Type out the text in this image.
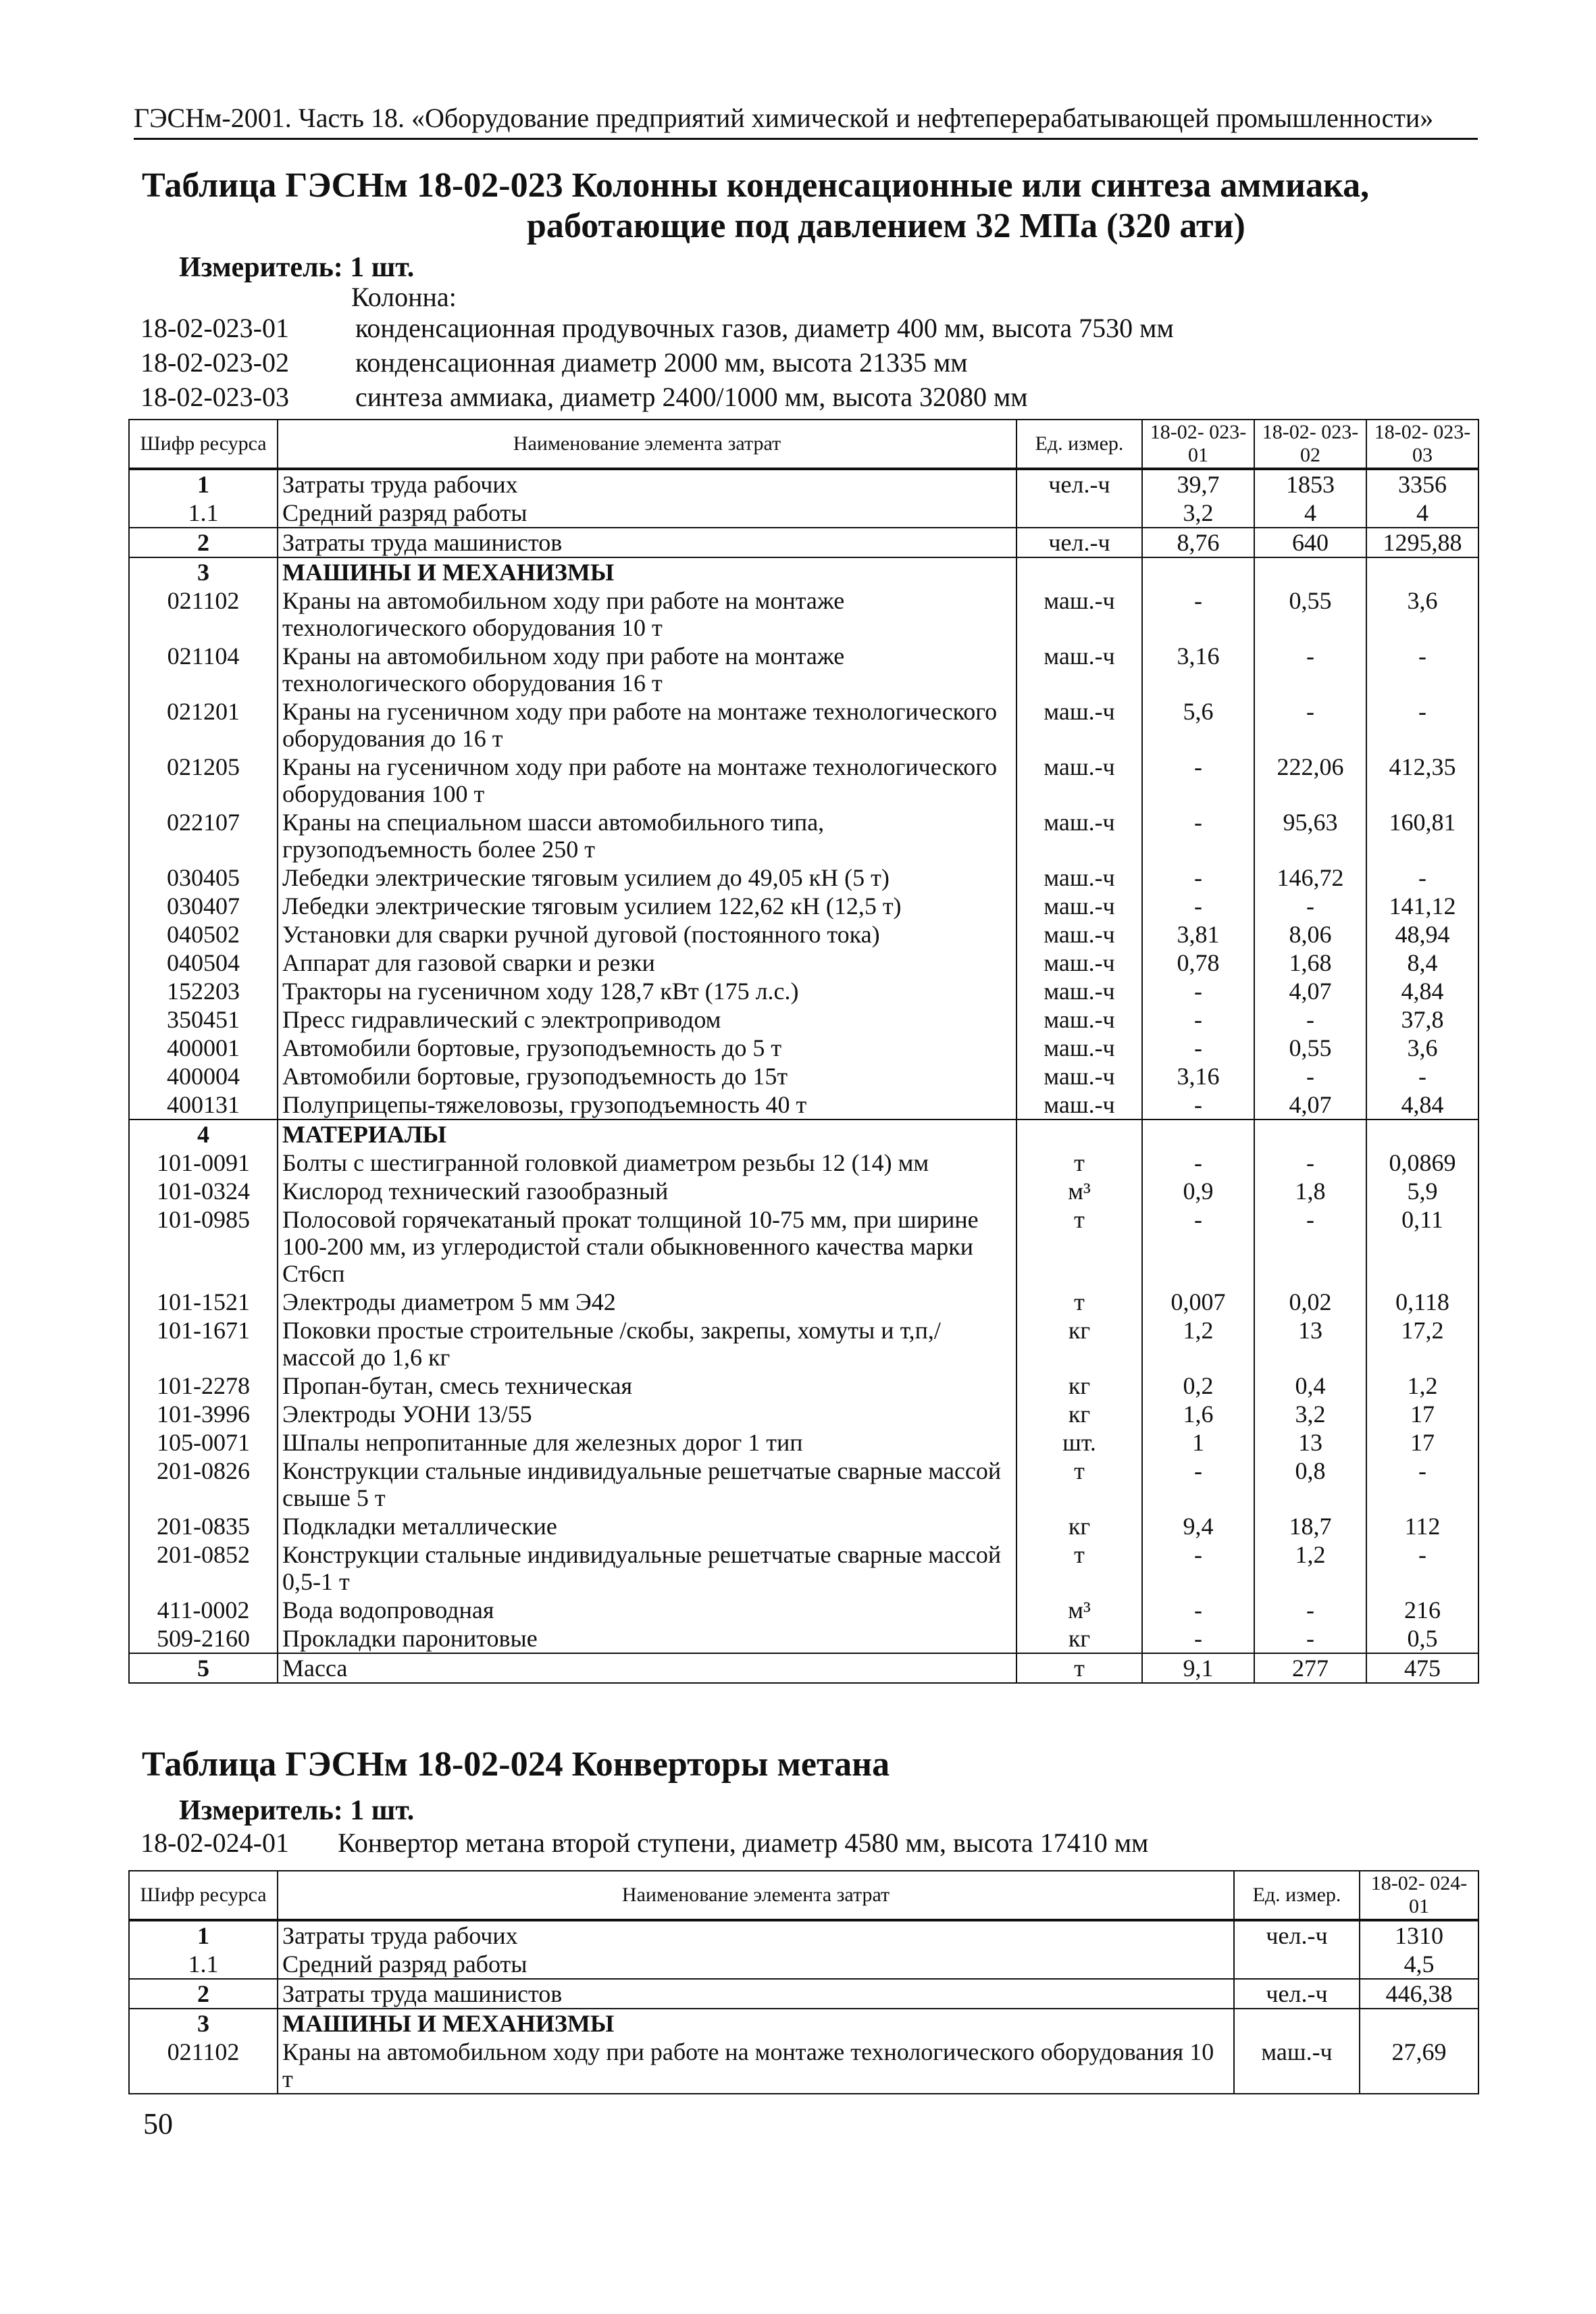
ГЭСНм-2001. Часть 18. «Оборудование предприятий химической и нефтеперерабатывающей промышленности»
Таблица ГЭСНм 18-02-023 Колонны конденсационные или синтеза аммиака,
работающие под давлением 32 МПа (320 ати)
Измеритель: 1 шт.
Колонна:
18-02-023-01	конденсационная продувочных газов, диаметр 400 мм, высота 7530 мм
18-02-023-02	конденсационная диаметр 2000 мм, высота 21335 мм
18-02-023-03	синтеза аммиака, диаметр 2400/1000 мм, высота 32080 мм
Шифр ресурса	Наименование элемента затрат	Ед. измер.	18-02- 023-01	18-02- 023-02	18-02- 023-03
1	Затраты труда рабочих	чел.-ч	39,7	1853	3356
1.1	Средний разряд работы		3,2	4	4
2	Затраты труда машинистов	чел.-ч	8,76	640	1295,88
3	МАШИНЫ И МЕХАНИЗМЫ				
021102	Краны на автомобильном ходу при работе на монтаже технологического оборудования 10 т	маш.-ч	-	0,55	3,6
021104	Краны на автомобильном ходу при работе на монтаже технологического оборудования 16 т	маш.-ч	3,16	-	-
021201	Краны на гусеничном ходу при работе на монтаже технологического оборудования до 16 т	маш.-ч	5,6	-	-
021205	Краны на гусеничном ходу при работе на монтаже технологического оборудования 100 т	маш.-ч	-	222,06	412,35
022107	Краны на специальном шасси автомобильного типа, грузоподъемность более 250 т	маш.-ч	-	95,63	160,81
030405	Лебедки электрические тяговым усилием до 49,05 кН (5 т)	маш.-ч	-	146,72	-
030407	Лебедки электрические тяговым усилием 122,62 кН (12,5 т)	маш.-ч	-	-	141,12
040502	Установки для сварки ручной дуговой (постоянного тока)	маш.-ч	3,81	8,06	48,94
040504	Аппарат для газовой сварки и резки	маш.-ч	0,78	1,68	8,4
152203	Тракторы на гусеничном ходу 128,7 кВт (175 л.с.)	маш.-ч	-	4,07	4,84
350451	Пресс гидравлический с электроприводом	маш.-ч	-	-	37,8
400001	Автомобили бортовые, грузоподъемность до 5 т	маш.-ч	-	0,55	3,6
400004	Автомобили бортовые, грузоподъемность до 15т	маш.-ч	3,16	-	-
400131	Полуприцепы-тяжеловозы, грузоподъемность 40 т	маш.-ч	-	4,07	4,84
4	МАТЕРИАЛЫ				
101-0091	Болты с шестигранной головкой диаметром резьбы 12 (14) мм	т	-	-	0,0869
101-0324	Кислород технический газообразный	м³	0,9	1,8	5,9
101-0985	Полосовой горячекатаный прокат толщиной 10-75 мм, при ширине 100-200 мм, из углеродистой стали обыкновенного качества марки Ст6сп	т	-	-	0,11
101-1521	Электроды диаметром 5 мм Э42	т	0,007	0,02	0,118
101-1671	Поковки простые строительные /скобы, закрепы, хомуты и т,п,/ массой до 1,6 кг	кг	1,2	13	17,2
101-2278	Пропан-бутан, смесь техническая	кг	0,2	0,4	1,2
101-3996	Электроды УОНИ 13/55	кг	1,6	3,2	17
105-0071	Шпалы непропитанные для железных дорог 1 тип	шт.	1	13	17
201-0826	Конструкции стальные индивидуальные решетчатые сварные массой свыше 5 т	т	-	0,8	-
201-0835	Подкладки металлические	кг	9,4	18,7	112
201-0852	Конструкции стальные индивидуальные решетчатые сварные массой 0,5-1 т	т	-	1,2	-
411-0002	Вода водопроводная	м³	-	-	216
509-2160	Прокладки паронитовые	кг	-	-	0,5
5	Масса	т	9,1	277	475
Таблица ГЭСНм 18-02-024 Конверторы метана
Измеритель: 1 шт.
18-02-024-01	Конвертор метана второй ступени, диаметр 4580 мм, высота 17410 мм
Шифр ресурса	Наименование элемента затрат	Ед. измер.	18-02- 024-01
1	Затраты труда рабочих	чел.-ч	1310
1.1	Средний разряд работы		4,5
2	Затраты труда машинистов	чел.-ч	446,38
3	МАШИНЫ И МЕХАНИЗМЫ		
021102	Краны на автомобильном ходу при работе на монтаже технологического оборудования 10 т	маш.-ч	27,69
50
